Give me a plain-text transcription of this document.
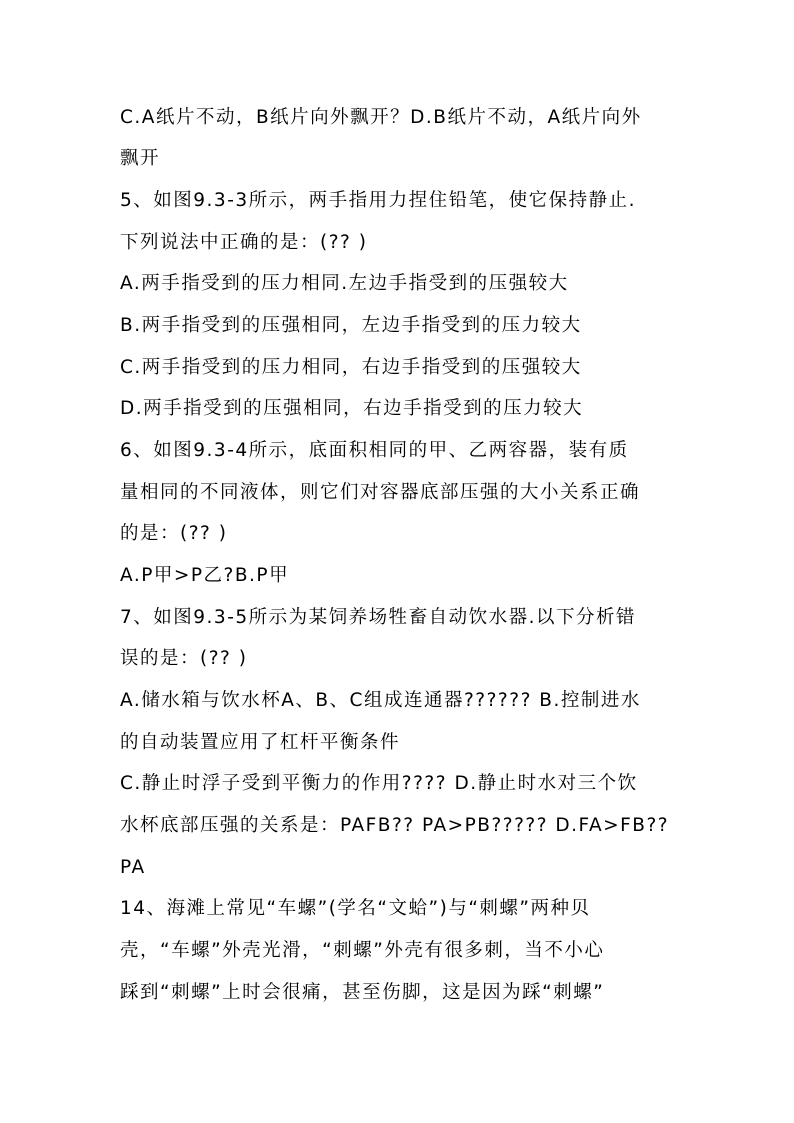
C.A纸片不动，B纸片向外飘开？D.B纸片不动，A纸片向外

飘开

5、如图9.3-3所示，两手指用力捏住铅笔，使它保持静止.

下列说法中正确的是：(?? )

A.两手指受到的压力相同.左边手指受到的压强较大

B.两手指受到的压强相同，左边手指受到的压力较大

C.两手指受到的压力相同，右边手指受到的压强较大

D.两手指受到的压强相同，右边手指受到的压力较大

6、如图9.3-4所示，底面积相同的甲、乙两容器，装有质

量相同的不同液体，则它们对容器底部压强的大小关系正确

的是：(?? )

A.P甲>P乙?B.P甲

7、如图9.3-5所示为某饲养场牲畜自动饮水器.以下分析错

误的是：(?? )

A.储水箱与饮水杯A、B、C组成连通器?????? B.控制进水

的自动装置应用了杠杆平衡条件

C.静止时浮子受到平衡力的作用???? D.静止时水对三个饮

水杯底部压强的关系是：PAFB?? PA>PB????? D.FA>FB??

PA

14、海滩上常见“车螺”(学名“文蛤”)与“刺螺”两种贝

壳，“车螺”外壳光滑，“刺螺”外壳有很多刺，当不小心

踩到“刺螺”上时会很痛，甚至伤脚，这是因为踩“刺螺”
